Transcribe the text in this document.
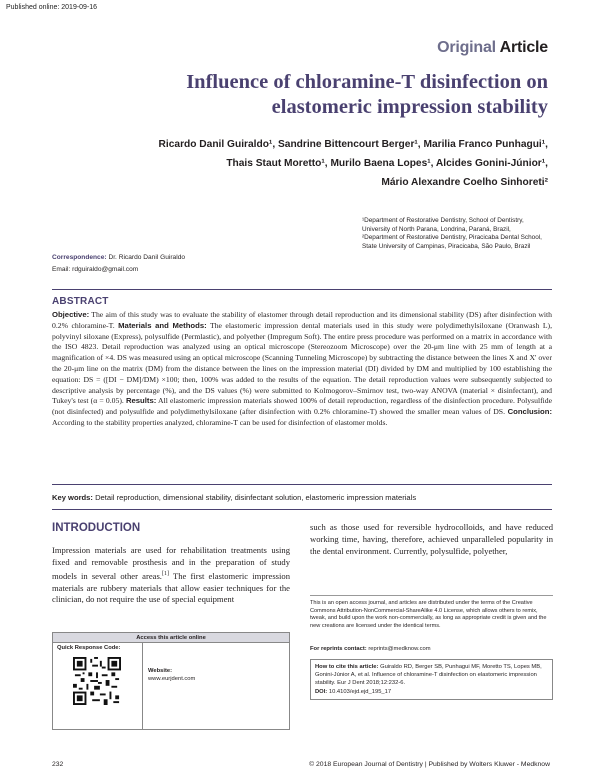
Published online: 2019-09-16
Original Article
Influence of chloramine-T disinfection on elastomeric impression stability
Ricardo Danil Guiraldo¹, Sandrine Bittencourt Berger¹, Marilia Franco Punhagui¹,
Thais Staut Moretto¹, Murilo Baena Lopes¹, Alcides Gonini-Júnior¹,
Mário Alexandre Coelho Sinhoreti²
¹Department of Restorative Dentistry, School of Dentistry, University of North Parana, Londrina, Paraná, Brazil,
²Department of Restorative Dentistry, Piracicaba Dental School, State University of Campinas, Piracicaba, São Paulo, Brazil
Correspondence: Dr. Ricardo Danil Guiraldo
Email: rdguiraldo@gmail.com
ABSTRACT
Objective: The aim of this study was to evaluate the stability of elastomer through detail reproduction and its dimensional stability (DS) after disinfection with 0.2% chloramine-T. Materials and Methods: The elastomeric impression dental materials used in this study were polydimethylsiloxane (Oranwash L), polyvinyl siloxane (Express), polysulfide (Permlastic), and polyether (Impregum Soft). The entire press procedure was performed on a matrix in accordance with the ISO 4823. Detail reproduction was analyzed using an optical microscope (Stereozoom Microscope) over the 20-μm line with 25 mm of length at a magnification of ×4. DS was measured using an optical microscope (Scanning Tunneling Microscope) by subtracting the distance between the lines X and X' over the 20-μm line on the matrix (DM) from the distance between the lines on the impression material (DI) divided by DM and multiplied by 100 establishing the equation: DS = ([DI − DM]/DM) ×100; then, 100% was added to the results of the equation. The detail reproduction values were subsequently subjected to descriptive analysis by percentage (%), and the DS values (%) were submitted to Kolmogorov–Smirnov test, two-way ANOVA (material × disinfectant), and Tukey's test (α = 0.05). Results: All elastomeric impression materials showed 100% of detail reproduction, regardless of the disinfection procedure. Polysulfide (not disinfected) and polysulfide and polydimethylsiloxane (after disinfection with 0.2% chloramine-T) showed the smaller mean values of DS. Conclusion: According to the stability properties analyzed, chloramine-T can be used for disinfection of elastomer molds.
Key words: Detail reproduction, dimensional stability, disinfectant solution, elastomeric impression materials
INTRODUCTION
Impression materials are used for rehabilitation treatments using fixed and removable prosthesis and in the preparation of study models in several other areas.[1] The first elastomeric impression materials are rubbery materials that allow easier techniques for the clinician, do not require the use of special equipment
such as those used for reversible hydrocolloids, and have reduced working time, having, therefore, achieved unparalleled popularity in the dental environment. Currently, polysulfide, polyether,
This is an open access journal, and articles are distributed under the terms of the Creative Commons Attribution-NonCommercial-ShareAlike 4.0 License, which allows others to remix, tweak, and build upon the work non-commercially, as long as appropriate credit is given and the new creations are licensed under the identical terms.
For reprints contact: reprints@medknow.com
How to cite this article: Guiraldo RD, Berger SB, Punhagui MF, Moretto TS, Lopes MB, Gonini-Júnior A, et al. Influence of chloramine-T disinfection on elastomeric impression stability. Eur J Dent 2018;12:232-6.
DOI: 10.4103/ejd.ejd_195_17
Access this article online
Quick Response Code:
Website:
www.eurjdent.com
232	© 2018 European Journal of Dentistry | Published by Wolters Kluwer - Medknow
